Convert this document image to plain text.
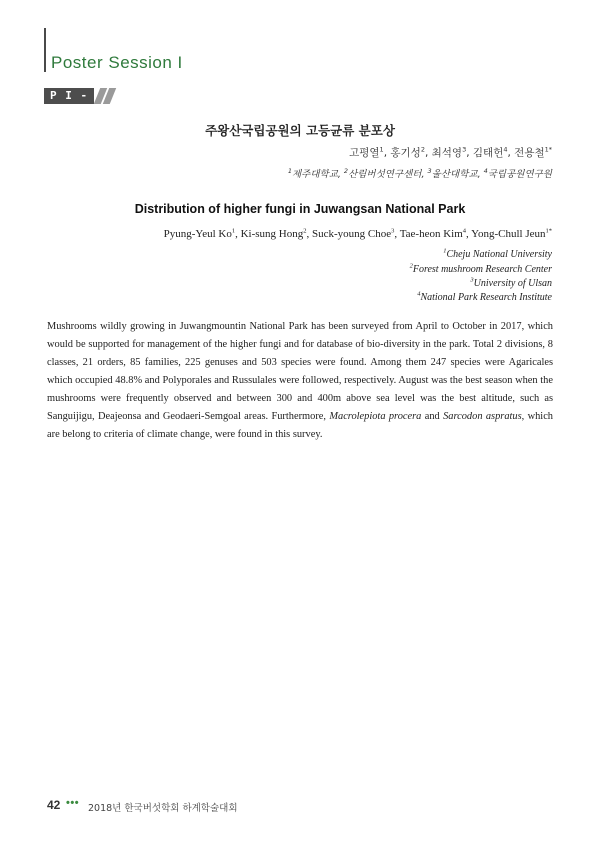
Poster Session I
P I - 4
주왕산국립공원의 고등균류 분포상
고평열$^1$, 홍기성$^2$, 최석영$^3$, 김태헌$^4$, 전용철$^{1*}$
$^1$제주대학교, $^2$산림버섯연구센터, $^3$울산대학교, $^4$국립공원연구원
Distribution of higher fungi in Juwangsan National Park
Pyung-Yeul Ko$^1$, Ki-sung Hong$^2$, Suck-young Choe$^3$, Tae-heon Kim$^4$, Yong-Chull Jeun$^{1*}$
$^1$Cheju National University
$^2$Forest mushroom Research Center
$^3$University of Ulsan
$^4$National Park Research Institute
Mushrooms wildly growing in Juwangmountin National Park has been surveyed from April to October in 2017, which would be supported for management of the higher fungi and for database of bio-diversity in the park. Total 2 divisions, 8 classes, 21 orders, 85 families, 225 genuses and 503 species were found. Among them 247 species were Agaricales which occupied 48.8% and Polyporales and Russulales were followed, respectively. August was the best season when the mushrooms were frequently observed and between 300 and 400m above sea level was the best altitude, such as Sanguijigu, Deajeonsa and Geodaeri-Semgoal areas. Furthermore, Macrolepiota procera and Sarcodon aspratus, which are belong to criteria of climate change, were found in this survey.
42 ••• 2018년 한국버섯학회 하계학술대회
